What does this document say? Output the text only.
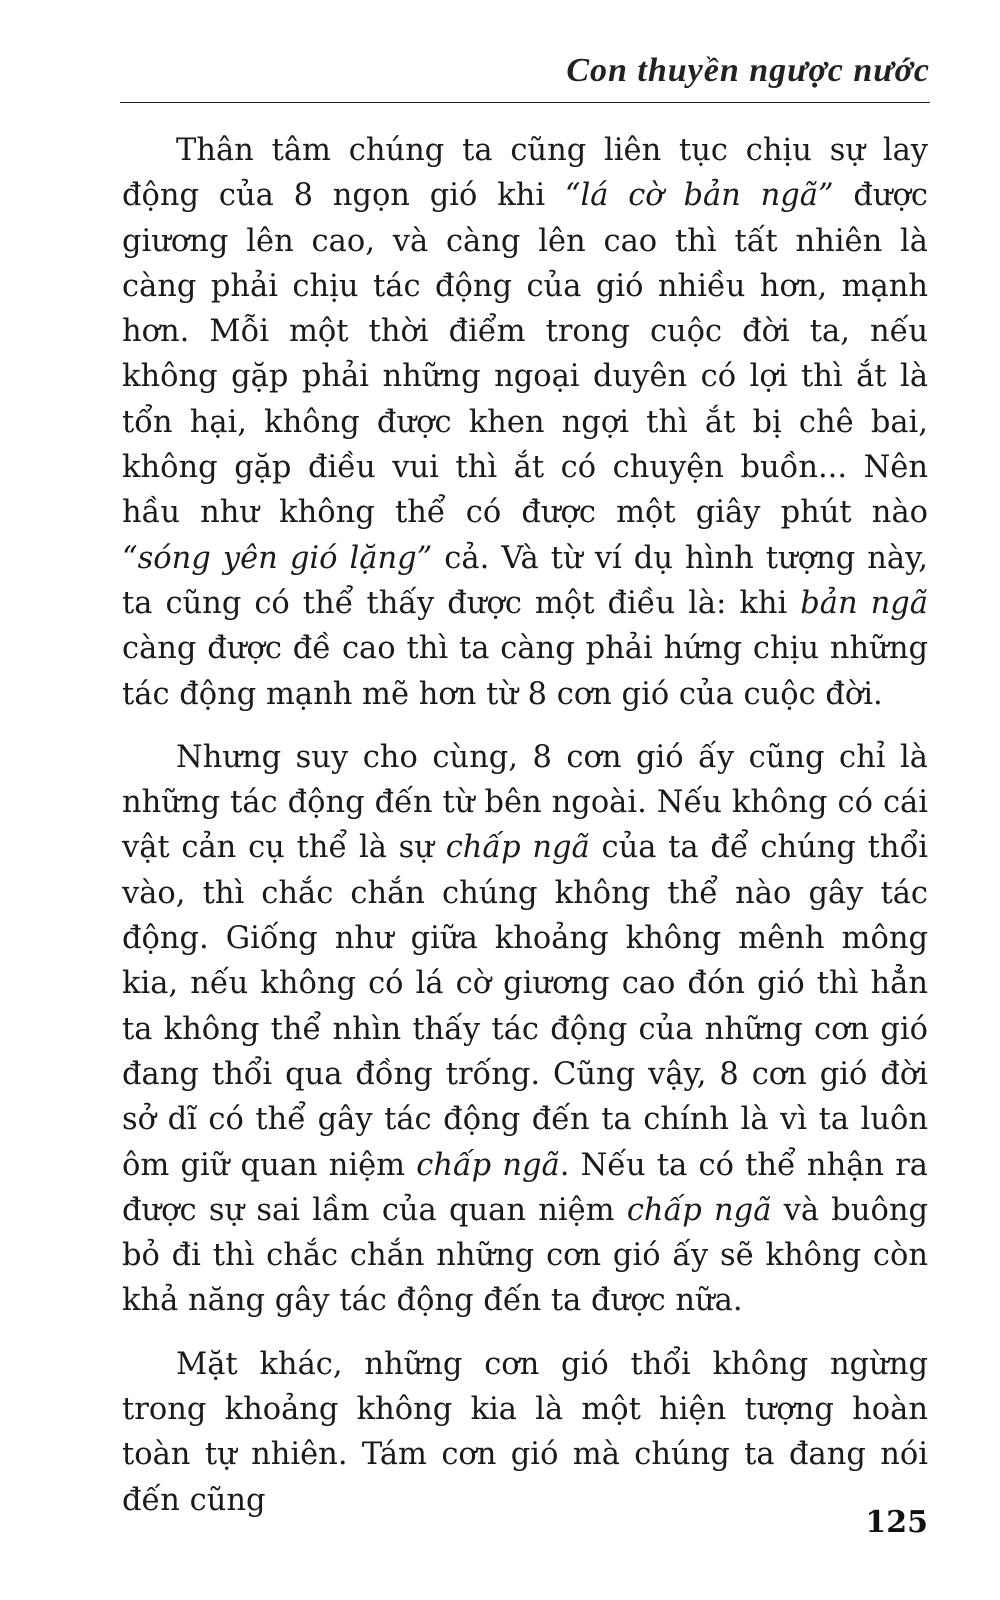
Con thuyền ngược nước

Thân tâm chúng ta cũng liên tục chịu sự lay động của 8 ngọn gió khi “lá cờ bản ngã” được giương lên cao, và càng lên cao thì tất nhiên là càng phải chịu tác động của gió nhiều hơn, mạnh hơn. Mỗi một thời điểm trong cuộc đời ta, nếu không gặp phải những ngoại duyên có lợi thì ắt là tổn hại, không được khen ngợi thì ắt bị chê bai, không gặp điều vui thì ắt có chuyện buồn... Nên hầu như không thể có được một giây phút nào “sóng yên gió lặng” cả. Và từ ví dụ hình tượng này, ta cũng có thể thấy được một điều là: khi bản ngã càng được đề cao thì ta càng phải hứng chịu những tác động mạnh mẽ hơn từ 8 cơn gió của cuộc đời.

Nhưng suy cho cùng, 8 cơn gió ấy cũng chỉ là những tác động đến từ bên ngoài. Nếu không có cái vật cản cụ thể là sự chấp ngã của ta để chúng thổi vào, thì chắc chắn chúng không thể nào gây tác động. Giống như giữa khoảng không mênh mông kia, nếu không có lá cờ giương cao đón gió thì hẳn ta không thể nhìn thấy tác động của những cơn gió đang thổi qua đồng trống. Cũng vậy, 8 cơn gió đời sở dĩ có thể gây tác động đến ta chính là vì ta luôn ôm giữ quan niệm chấp ngã. Nếu ta có thể nhận ra được sự sai lầm của quan niệm chấp ngã và buông bỏ đi thì chắc chắn những cơn gió ấy sẽ không còn khả năng gây tác động đến ta được nữa.

Mặt khác, những cơn gió thổi không ngừng trong khoảng không kia là một hiện tượng hoàn toàn tự nhiên. Tám cơn gió mà chúng ta đang nói đến cũng

125
